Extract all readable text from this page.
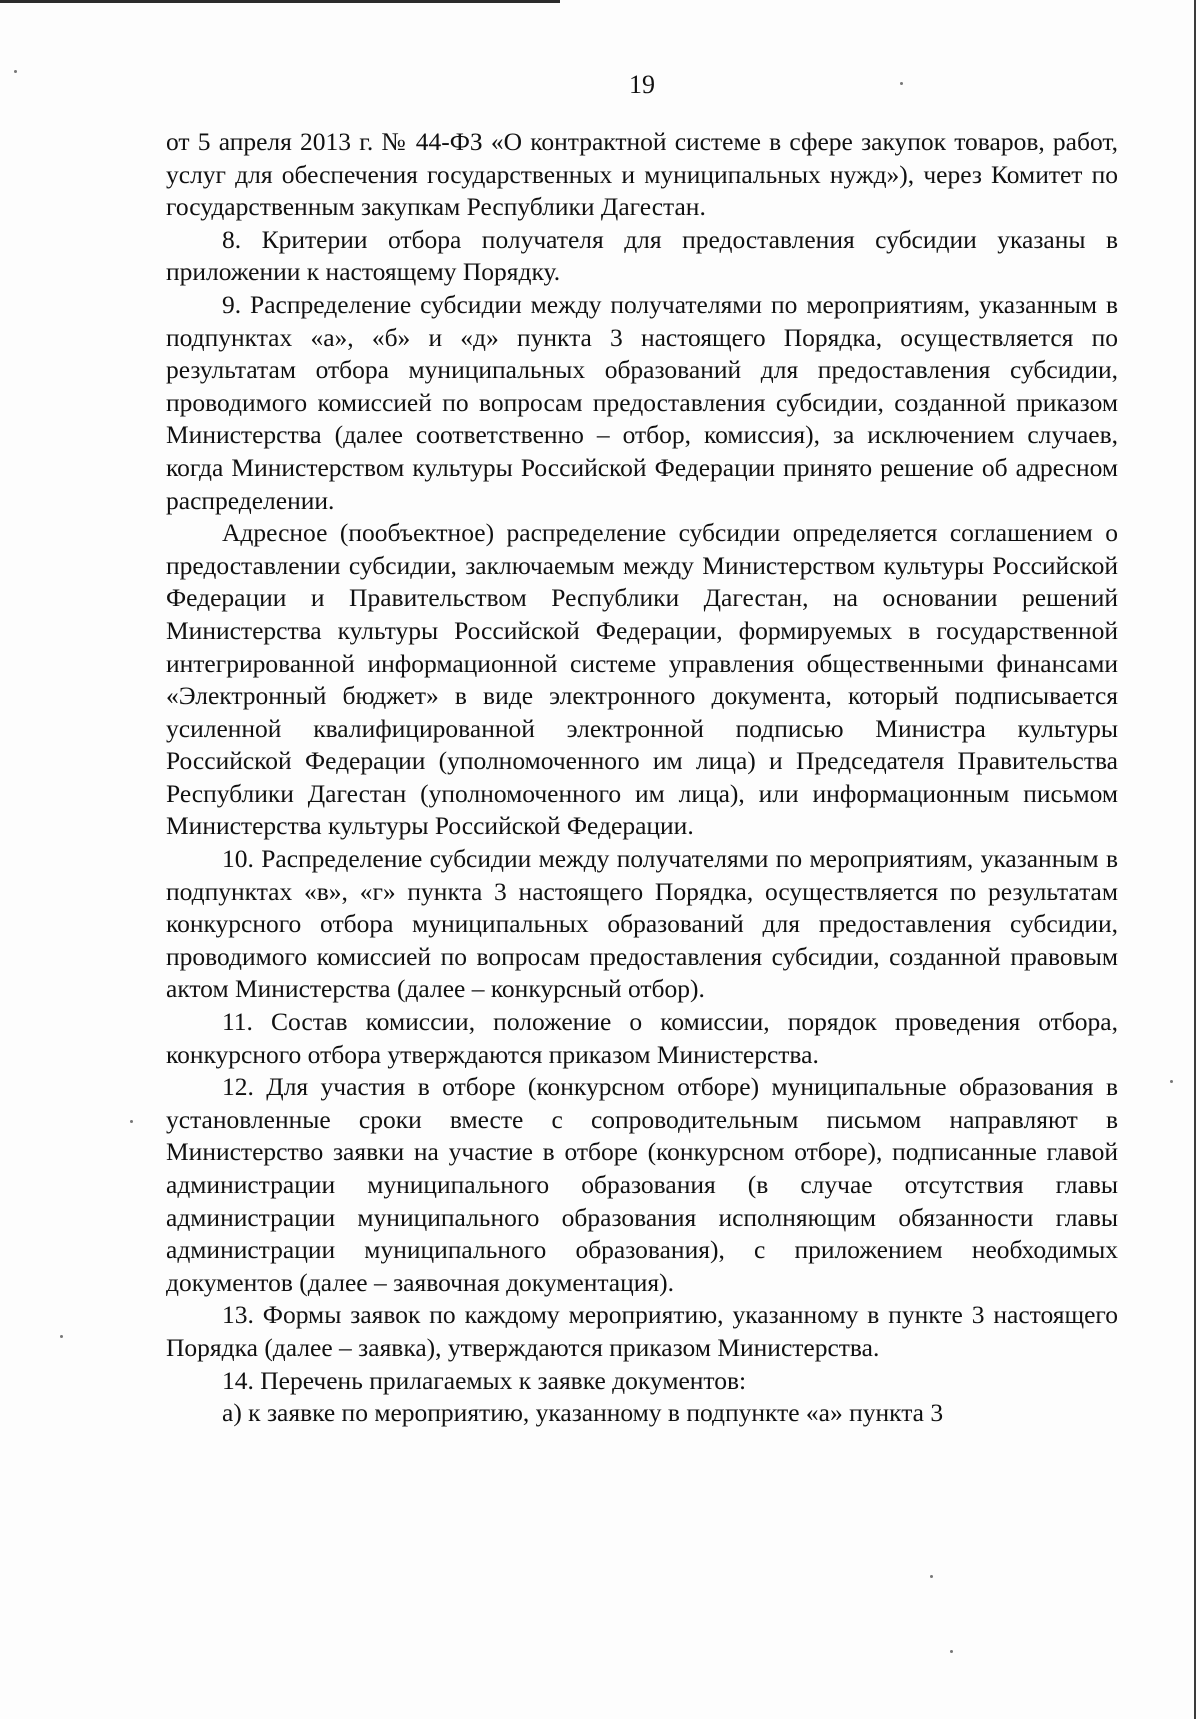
19

от 5 апреля 2013 г. № 44-ФЗ «О контрактной системе в сфере закупок товаров, работ, услуг для обеспечения государственных и муниципальных нужд»), через Комитет по государственным закупкам Республики Дагестан.

8. Критерии отбора получателя для предоставления субсидии указаны в приложении к настоящему Порядку.

9. Распределение субсидии между получателями по мероприятиям, указанным в подпунктах «а», «б» и «д» пункта 3 настоящего Порядка, осуществляется по результатам отбора муниципальных образований для предоставления субсидии, проводимого комиссией по вопросам предоставления субсидии, созданной приказом Министерства (далее соответственно – отбор, комиссия), за исключением случаев, когда Министерством культуры Российской Федерации принято решение об адресном распределении.

Адресное (пообъектное) распределение субсидии определяется соглашением о предоставлении субсидии, заключаемым между Министерством культуры Российской Федерации и Правительством Республики Дагестан, на основании решений Министерства культуры Российской Федерации, формируемых в государственной интегрированной информационной системе управления общественными финансами «Электронный бюджет» в виде электронного документа, который подписывается усиленной квалифицированной электронной подписью Министра культуры Российской Федерации (уполномоченного им лица) и Председателя Правительства Республики Дагестан (уполномоченного им лица), или информационным письмом Министерства культуры Российской Федерации.

10. Распределение субсидии между получателями по мероприятиям, указанным в подпунктах «в», «г» пункта 3 настоящего Порядка, осуществляется по результатам конкурсного отбора муниципальных образований для предоставления субсидии, проводимого комиссией по вопросам предоставления субсидии, созданной правовым актом Министерства (далее – конкурсный отбор).

11. Состав комиссии, положение о комиссии, порядок проведения отбора, конкурсного отбора утверждаются приказом Министерства.

12. Для участия в отборе (конкурсном отборе) муниципальные образования в установленные сроки вместе с сопроводительным письмом направляют в Министерство заявки на участие в отборе (конкурсном отборе), подписанные главой администрации муниципального образования (в случае отсутствия главы администрации муниципального образования исполняющим обязанности главы администрации муниципального образования), с приложением необходимых документов (далее – заявочная документация).

13. Формы заявок по каждому мероприятию, указанному в пункте 3 настоящего Порядка (далее – заявка), утверждаются приказом Министерства.

14. Перечень прилагаемых к заявке документов:

а) к заявке по мероприятию, указанному в подпункте «а» пункта 3
